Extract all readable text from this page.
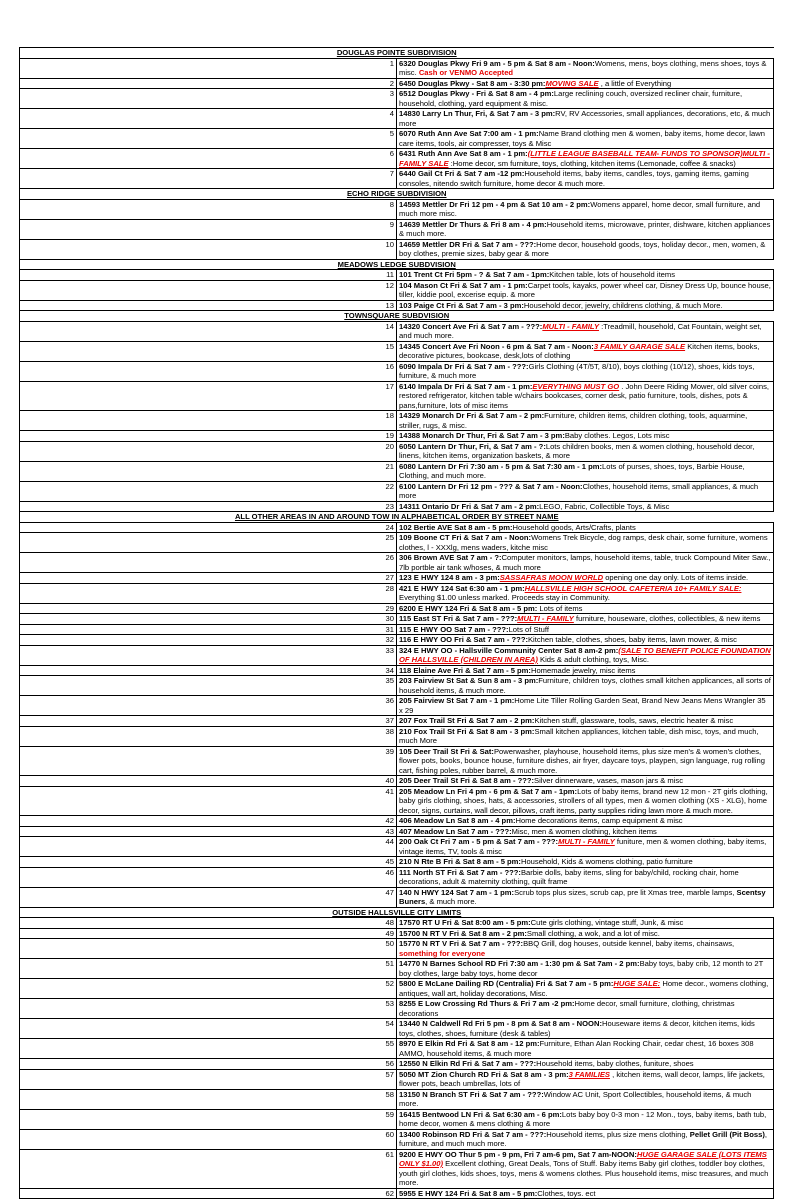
DOUGLAS POINTE SUBDIVISION	
1	6320 Douglas Pkwy Fri 9 am - 5 pm & Sat 8 am - Noon:Womens, mens, boys clothing, mens shoes, toys & misc. Cash or VENMO Accepted
2	6450 Douglas Pkwy - Sat 8 am - 3:30 pm:MOVING SALE , a little of Everything
3	6512 Douglas Pkwy - Fri & Sat 8 am - 4 pm:Large reclining couch, oversized recliner chair, furniture, household, clothing, yard equipment & misc.
4	14830 Larry Ln Thur, Fri, & Sat 7 am - 3 pm:RV, RV Accessories, small appliances, decorations, etc, & much more
5	6070 Ruth Ann Ave Sat 7:00 am - 1 pm:Name Brand clothing men & women, baby items, home decor, lawn care items, tools, air compresser, toys & Misc
6	6431 Ruth Ann Ave Sat 8 am - 1 pm:(LITTLE LEAGUE BASEBALL TEAM- FUNDS TO SPONSOR)MULTI - FAMILY SALE :Home decor, sm furniture, toys, clothing, kitchen items (Lemonade, coffee & snacks)
7	6440 Gail Ct Fri & Sat 7 am -12 pm:Household items, baby items, candles, toys, gaming items, gaming consoles, nitendo switch furniture, home decor & much more.
ECHO RIDGE SUBDIVISION	
8	14593 Mettler Dr Fri 12 pm - 4 pm & Sat 10 am - 2 pm:Womens apparel, home decor, small furniture, and much more misc.
9	14639 Mettler Dr Thurs & Fri 8 am - 4 pm:Household items, microwave, printer, dishware, kitchen appliances & much more.
10	14659 Mettler DR Fri & Sat 7 am - ???:Home decor, household goods, toys, holiday decor., men, women, & boy clothes, premie sizes, baby gear & more
MEADOWS LEDGE SUBDVISION	
11	101 Trent Ct Fri 5pm - ? & Sat 7 am - 1pm:Kitchen table, lots of household items
12	104 Mason Ct Fri & Sat 7 am - 1 pm:Carpet tools, kayaks, power wheel car, Disney Dress Up, bounce house, tiller, kiddie pool, excerise equip. & more
13	103 Paige Ct Fri & Sat 7 am - 3 pm:Household decor, jewelry, childrens clothing, & much More.
TOWNSQUARE SUBDVISION	
14	14320 Concert Ave Fri & Sat 7 am - ???:MULTI - FAMILY :Treadmill, household, Cat Fountain, weight set, and much more.
15	14345 Concert Ave Fri Noon - 6 pm & Sat 7 am - Noon:3 FAMILY GARAGE SALE Kitchen items, books, decorative pictures, bookcase, desk,lots of clothing
16	6090 Impala Dr Fri & Sat 7 am - ???:Girls Clothing (4T/5T, 8/10), boys clothing (10/12), shoes, kids toys, furniture, & much more
17	6140 Impala Dr Fri & Sat 7 am - 1 pm:EVERYTHING MUST GO . John Deere Riding Mower, old silver coins, restored refrigerator, kitchen table w/chairs bookcases, corner desk, patio furniture, tools, dishes, pots & pans,furniture, lots of misc items
18	14329 Monarch Dr Fri & Sat 7 am - 2 pm:Furniture, children items, children clothing, tools, aquarmine, striller, rugs, & misc.
19	14388 Monarch Dr Thur, Fri & Sat 7 am - 3 pm:Baby clothes. Legos, Lots misc
20	6050 Lantern Dr Thur, Fri, & Sat 7 am - ?:Lots children books, men & women clothing, household decor, linens, kitchen items, organization baskets, & more
21	6080 Lantern Dr Fri 7:30 am - 5 pm & Sat 7:30 am - 1 pm:Lots of purses, shoes, toys, Barbie House, Clothing, and much more.
22	6100 Lantern Dr Fri 12 pm - ??? & Sat 7 am - Noon:Clothes, household items, small appliances, & much more
23	14311 Ontario Dr Fri & Sat 7 am - 2 pm:LEGO, Fabric, Collectible Toys, & Misc
ALL OTHER AREAS IN AND AROUND TOW IN ALPHABETICAL ORDER BY STREET NAME	
24	102 Bertie AVE Sat 8 am - 5 pm:Household goods, Arts/Crafts, plants
25	109 Boone CT Fri & Sat 7 am - Noon:Womens Trek Bicycle, dog ramps, desk chair, some furniture, womens clothes, l - XXXlg, mens waders, kitche misc
26	306 Brown AVE Sat 7 am - ?:Computer monitors, lamps, household items, table, truck Compound Miter Saw., 7lb portble air tank w/hoses, & much more
27	123 E HWY 124 8 am - 3 pm:SASSAFRAS MOON WORLD opening one day only. Lots of items inside.
28	421 E HWY 124 Sat 6:30 am - 1 pm:HALLSVILLE HIGH SCHOOL CAFETERIA 10+ FAMILY SALE: Everything $1.00 unless marked. Proceeds stay in Community.
29	6200 E HWY 124 Fri & Sat 8 am - 5 pm: Lots of items
30	115 East ST Fri & Sat 7 am - ???:MULTI - FAMILY furniture, houseware, clothes, collectibles, & new items
31	115 E HWY OO Sat 7 am - ???:Lots of Stuff
32	116 E HWY OO Fri & Sat 7 am - ???:Kitchen table, clothes, shoes, baby items, lawn mower, & misc
33	324 E HWY OO - Hallsville Community Center Sat 8 am-2 pm:(SALE TO BENEFIT POLICE FOUNDATION OF HALLSVILLE (CHILDREN IN AREA) Kids & adult clothing, toys, Misc.
34	118 Elaine Ave Fri & Sat 7 am - 5 pm:Homemade jewelry, misc items
35	203 Fairview St Sat & Sun 8 am - 3 pm:Furniture, children toys, clothes small kitchen applicances, all sorts of household items, & much more.
36	205 Fairview St Sat 7 am - 1 pm:Home Lite Tiller Rolling Garden Seat, Brand New Jeans Mens Wrangler 35 x 29
37	207 Fox Trail St Fri & Sat 7 am - 2 pm:Kitchen stuff, glassware, tools, saws, electric heater & misc
38	210 Fox Trail St Fri & Sat 8 am - 3 pm:Small kitchen appliances, kitchen table, dish misc, toys, and much, much More
39	105 Deer Trail St Fri & Sat:Powerwasher, playhouse, household items, plus size men's & women's clothes, flower pots, books, bounce house, furniture dishes, air fryer, daycare toys, playpen, sign language, rug rolling cart, fishing poles, rubber barrel, & much more.
40	205 Deer Trail St Fri & Sat 8 am - ???:Silver dinnerware, vases, mason jars & misc
41	205 Meadow Ln Fri 4 pm - 6 pm & Sat 7 am - 1pm:Lots of baby items, brand new 12 mon - 2T girls clothing, baby girls clothing, shoes, hats, & accessories, strollers of all types, men & women clothing (XS - XLG), home decor, signs, curtains, wall decor, pillows, craft items, party supplies riding lawn more & much more.
42	406 Meadow Ln Sat 8 am - 4 pm:Home decorations items, camp equipment & misc
43	407 Meadow Ln Sat 7 am - ???:Misc, men & women clothing, kitchen items
44	200 Oak Ct Fri 7 am - 5 pm & Sat 7 am - ???:MULTI - FAMILY funiture, men & women clothing, baby items, vintage items, TV, tools & misc
45	210 N Rte B Fri & Sat 8 am - 5 pm:Household, Kids & womens clothing, patio furniture
46	111 North ST Fri & Sat 7 am - ???:Barbie dolls, baby items, sling for baby/child, rocking chair, home decorations, adult & maternity clothing, quilt frame
47	140 N HWY 124 Sat 7 am - 1 pm:Scrub tops plus sizes, scrub cap, pre lit Xmas tree, marble lamps, Scentsy Buners, & much more.
OUTSIDE HALLSVILLE CITY LIMITS	
48	17570 RT U Fri & Sat 8:00 am - 5 pm:Cute girls clothing, vintage stuff, Junk, & misc
49	15700 N RT V Fri & Sat 8 am - 2 pm:Small clothing, a wok, and a lot of misc.
50	15770 N RT V Fri & Sat 7 am - ???:BBQ Grill, dog houses, outside kennel, baby items, chainsaws, something for everyone
51	14770 N Barnes School RD Fri 7:30 am - 1:30 pm & Sat 7am - 2 pm:Baby toys, baby crib, 12 month to 2T boy clothes, large baby toys, home decor
52	5800 E McLane Dailing RD (Centralia) Fri & Sat 7 am - 5 pm:HUGE SALE: Home decor., womens clothing, antiques, wall art, holiday decorations, Misc.
53	8255 E Low Crossing Rd Thurs & Fri 7 am -2 pm:Home decor, small furniture, clothing, christmas decorations
54	13440 N Caldwell Rd Fri 5 pm - 8 pm & Sat 8 am - NOON:Houseware items & decor, kitchen items, kids toys, clothes, shoes, furniture (desk & tables)
55	8970 E Elkin Rd Fri & Sat 8 am - 12 pm:Furniture, Ethan Alan Rocking Chair, cedar chest, 16 boxes 308 AMMO, household items, & much more
56	12550 N Elkin Rd Fri & Sat 7 am - ???:Household items, baby clothes, funiture, shoes
57	5050 MT Zion Church RD Fri & Sat 8 am - 3 pm:3 FAMILIES , kitchen items, wall decor, lamps, life jackets, flower pots, beach umbrellas, lots of
58	13150 N Branch ST Fri & Sat 7 am - ???:Window AC Unit, Sport Collectibles, household items, & much more.
59	16415 Bentwood LN Fri & Sat 6:30 am - 6 pm:Lots baby boy 0-3 mon - 12 Mon., toys, baby items, bath tub, home decor, women & mens clothing & more
60	13400 Robinson RD Fri & Sat 7 am - ???:Household items, plus size mens clothing, Pellet Grill (Pit Boss), furniture, and much much more.
61	9200 E HWY OO Thur 5 pm - 9 pm, Fri 7 am-6 pm, Sat 7 am-NOON:HUGE GARAGE SALE (LOTS ITEMS ONLY $1.00) Excellent clothing, Great Deals, Tons of Stuff. Baby items Baby girl clothes, toddler boy clothes, youth girl clothes, kids shoes, toys, mens & womens clothes. Plus household items, misc treasures, and much more.
62	5955 E HWY 124 Fri & Sat 8 am - 5 pm:Clothes, toys. ect
